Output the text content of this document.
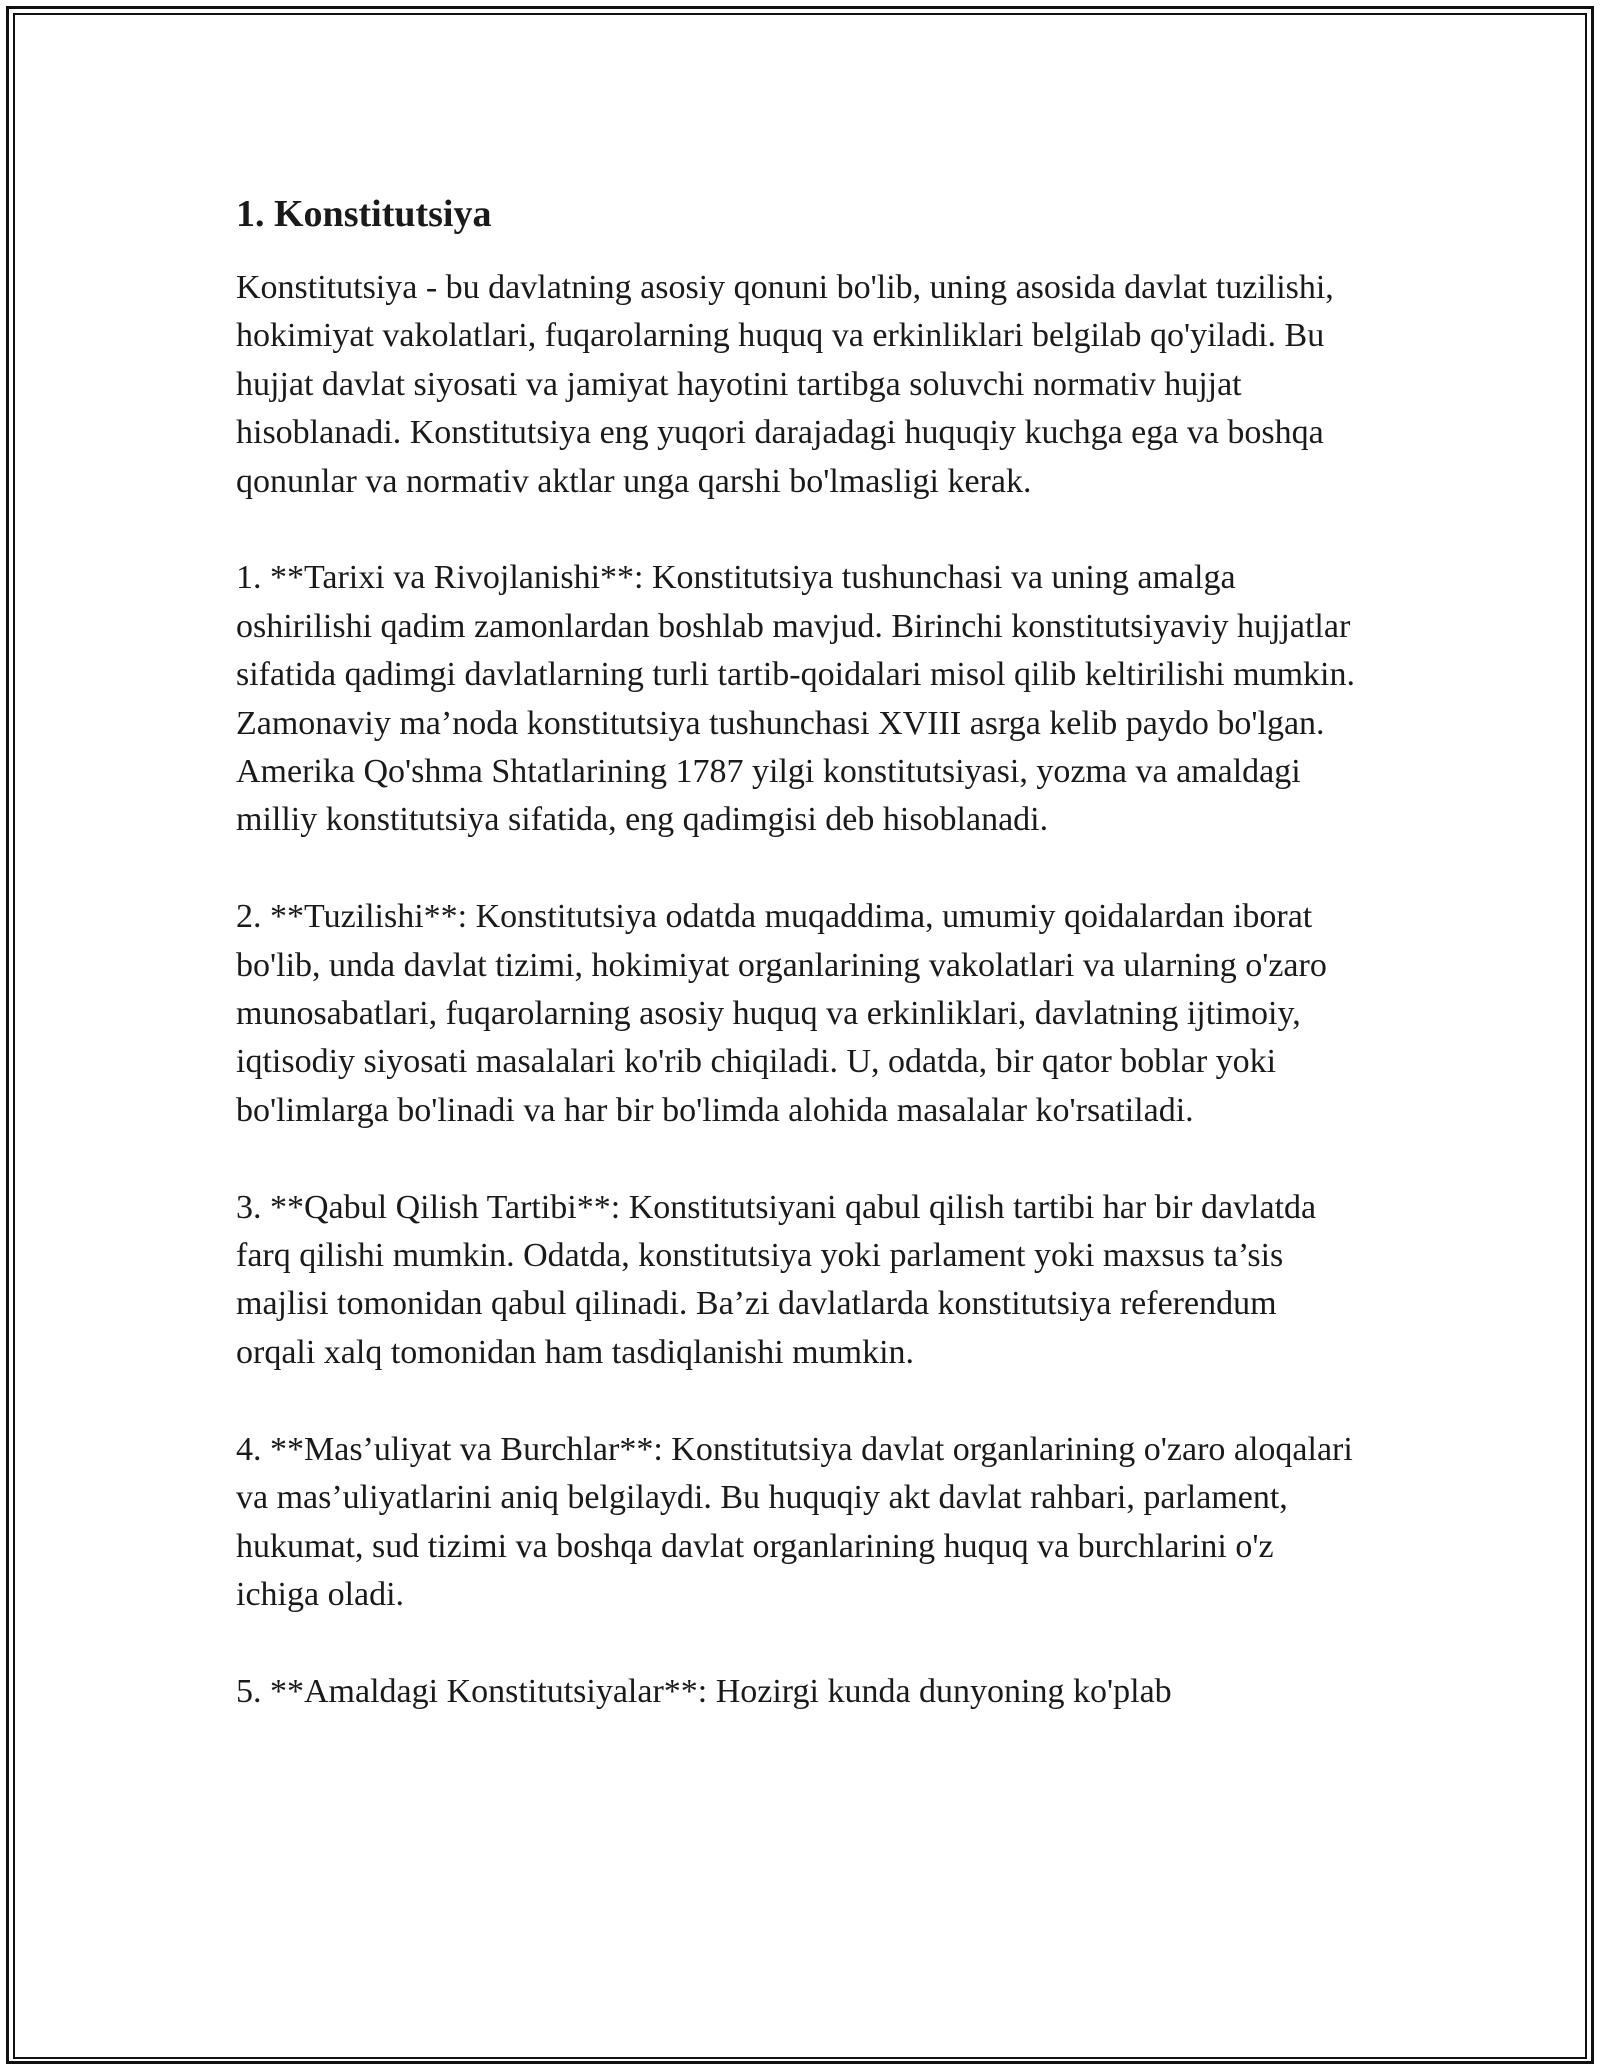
1. Konstitutsiya

Konstitutsiya - bu davlatning asosiy qonuni bo'lib, uning asosida davlat tuzilishi, hokimiyat vakolatlari, fuqarolarning huquq va erkinliklari belgilab qo'yiladi. Bu hujjat davlat siyosati va jamiyat hayotini tartibga soluvchi normativ hujjat hisoblanadi. Konstitutsiya eng yuqori darajadagi huquqiy kuchga ega va boshqa qonunlar va normativ aktlar unga qarshi bo'lmasligi kerak.

1. **Tarixi va Rivojlanishi**: Konstitutsiya tushunchasi va uning amalga oshirilishi qadim zamonlardan boshlab mavjud. Birinchi konstitutsiyaviy hujjatlar sifatida qadimgi davlatlarning turli tartib-qoidalari misol qilib keltirilishi mumkin. Zamonaviy ma’noda konstitutsiya tushunchasi XVIII asrga kelib paydo bo'lgan. Amerika Qo'shma Shtatlarining 1787 yilgi konstitutsiyasi, yozma va amaldagi milliy konstitutsiya sifatida, eng qadimgisi deb hisoblanadi.

2. **Tuzilishi**: Konstitutsiya odatda muqaddima, umumiy qoidalardan iborat bo'lib, unda davlat tizimi, hokimiyat organlarining vakolatlari va ularning o'zaro munosabatlari, fuqarolarning asosiy huquq va erkinliklari, davlatning ijtimoiy, iqtisodiy siyosati masalalari ko'rib chiqiladi. U, odatda, bir qator boblar yoki bo'limlarga bo'linadi va har bir bo'limda alohida masalalar ko'rsatiladi.

3. **Qabul Qilish Tartibi**: Konstitutsiyani qabul qilish tartibi har bir davlatda farq qilishi mumkin. Odatda, konstitutsiya yoki parlament yoki maxsus ta’sis majlisi tomonidan qabul qilinadi. Ba’zi davlatlarda konstitutsiya referendum orqali xalq tomonidan ham tasdiqlanishi mumkin.

4. **Mas’uliyat va Burchlar**: Konstitutsiya davlat organlarining o'zaro aloqalari va mas’uliyatlarini aniq belgilaydi. Bu huquqiy akt davlat rahbari, parlament, hukumat, sud tizimi va boshqa davlat organlarining huquq va burchlarini o'z ichiga oladi.

5. **Amaldagi Konstitutsiyalar**: Hozirgi kunda dunyoning ko'plab
